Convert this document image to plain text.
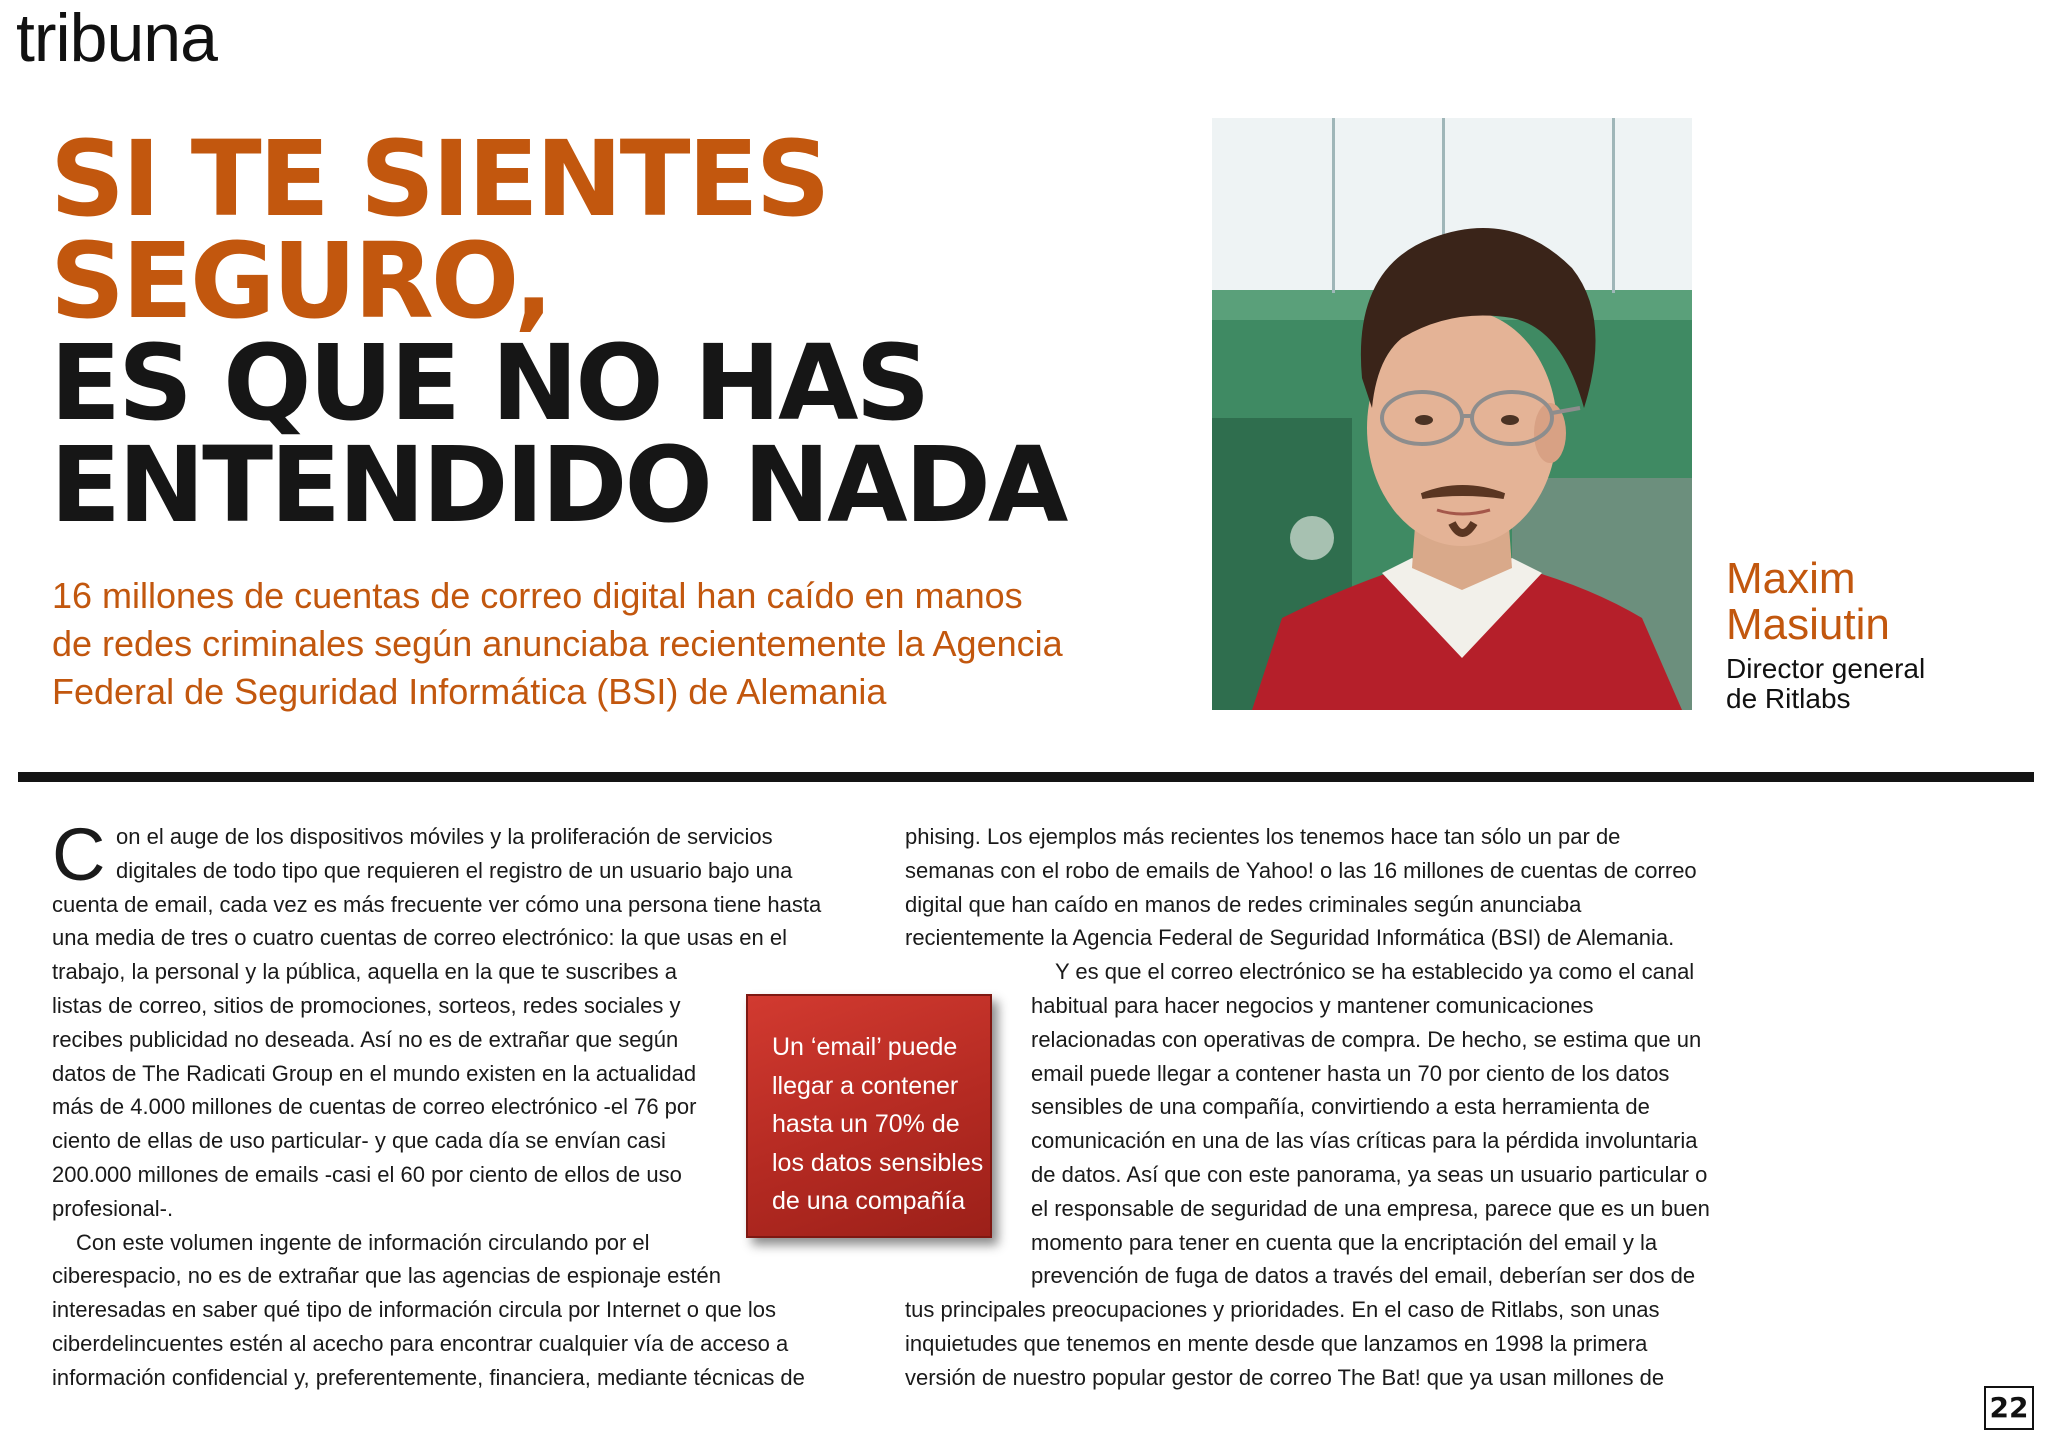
tribuna
SI TE SIENTES
SEGURO,
ES QUE NO HAS
ENTENDIDO NADA
16 millones de cuentas de correo digital han caído en manos
de redes criminales según anunciaba recientemente la Agencia
Federal de Seguridad Informática (BSI) de Alemania
Maxim
Masiutin
Director general
de Ritlabs
C on el auge de los dispositivos móviles y la proliferación de servicios
digitales de todo tipo que requieren el registro de un usuario bajo una
cuenta de email, cada vez es más frecuente ver cómo una persona tiene hasta
una media de tres o cuatro cuentas de correo electrónico: la que usas en el
trabajo, la personal y la pública, aquella en la que te suscribes a
listas de correo, sitios de promociones, sorteos, redes sociales y
recibes publicidad no deseada. Así no es de extrañar que según
datos de The Radicati Group en el mundo existen en la actualidad
más de 4.000 millones de cuentas de correo electrónico -el 76 por
ciento de ellas de uso particular- y que cada día se envían casi
200.000 millones de emails -casi el 60 por ciento de ellos de uso
profesional-.
Con este volumen ingente de información circulando por el
ciberespacio, no es de extrañar que las agencias de espionaje estén
interesadas en saber qué tipo de información circula por Internet o que los
ciberdelincuentes estén al acecho para encontrar cualquier vía de acceso a
información confidencial y, preferentemente, financiera, mediante técnicas de
Un ‘email’ puede
llegar a contener
hasta un 70% de
los datos sensibles
de una compañía
phising. Los ejemplos más recientes los tenemos hace tan sólo un par de
semanas con el robo de emails de Yahoo! o las 16 millones de cuentas de correo
digital que han caído en manos de redes criminales según anunciaba
recientemente la Agencia Federal de Seguridad Informática (BSI) de Alemania.
Y es que el correo electrónico se ha establecido ya como el canal
habitual para hacer negocios y mantener comunicaciones
relacionadas con operativas de compra. De hecho, se estima que un
email puede llegar a contener hasta un 70 por ciento de los datos
sensibles de una compañía, convirtiendo a esta herramienta de
comunicación en una de las vías críticas para la pérdida involuntaria
de datos. Así que con este panorama, ya seas un usuario particular o
el responsable de seguridad de una empresa, parece que es un buen
momento para tener en cuenta que la encriptación del email y la
prevención de fuga de datos a través del email, deberían ser dos de
tus principales preocupaciones y prioridades. En el caso de Ritlabs, son unas
inquietudes que tenemos en mente desde que lanzamos en 1998 la primera
versión de nuestro popular gestor de correo The Bat! que ya usan millones de
22
